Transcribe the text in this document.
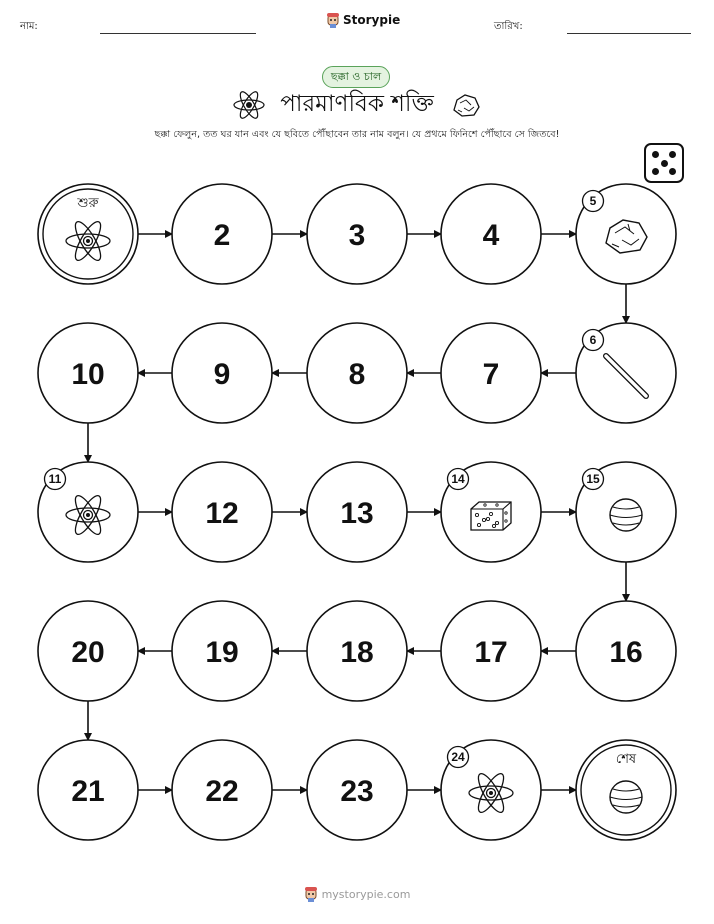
নাম:	Storypie	তারিখ:
ছক্কা ও চাল
পারমাণবিক শক্তি
ছক্কা ফেলুন, তত ঘর যান এবং যে ছবিতে পৌঁছাবেন তার নাম বলুন। যে প্রথমে ফিনিশে পৌঁছাবে সে জিতবে!
শুরু
2	3	4
5
6
7
8
9
10
11
12	13
14	15
16
17
18
19
20
21	22	23
24	শেষ
mystorypie.com
